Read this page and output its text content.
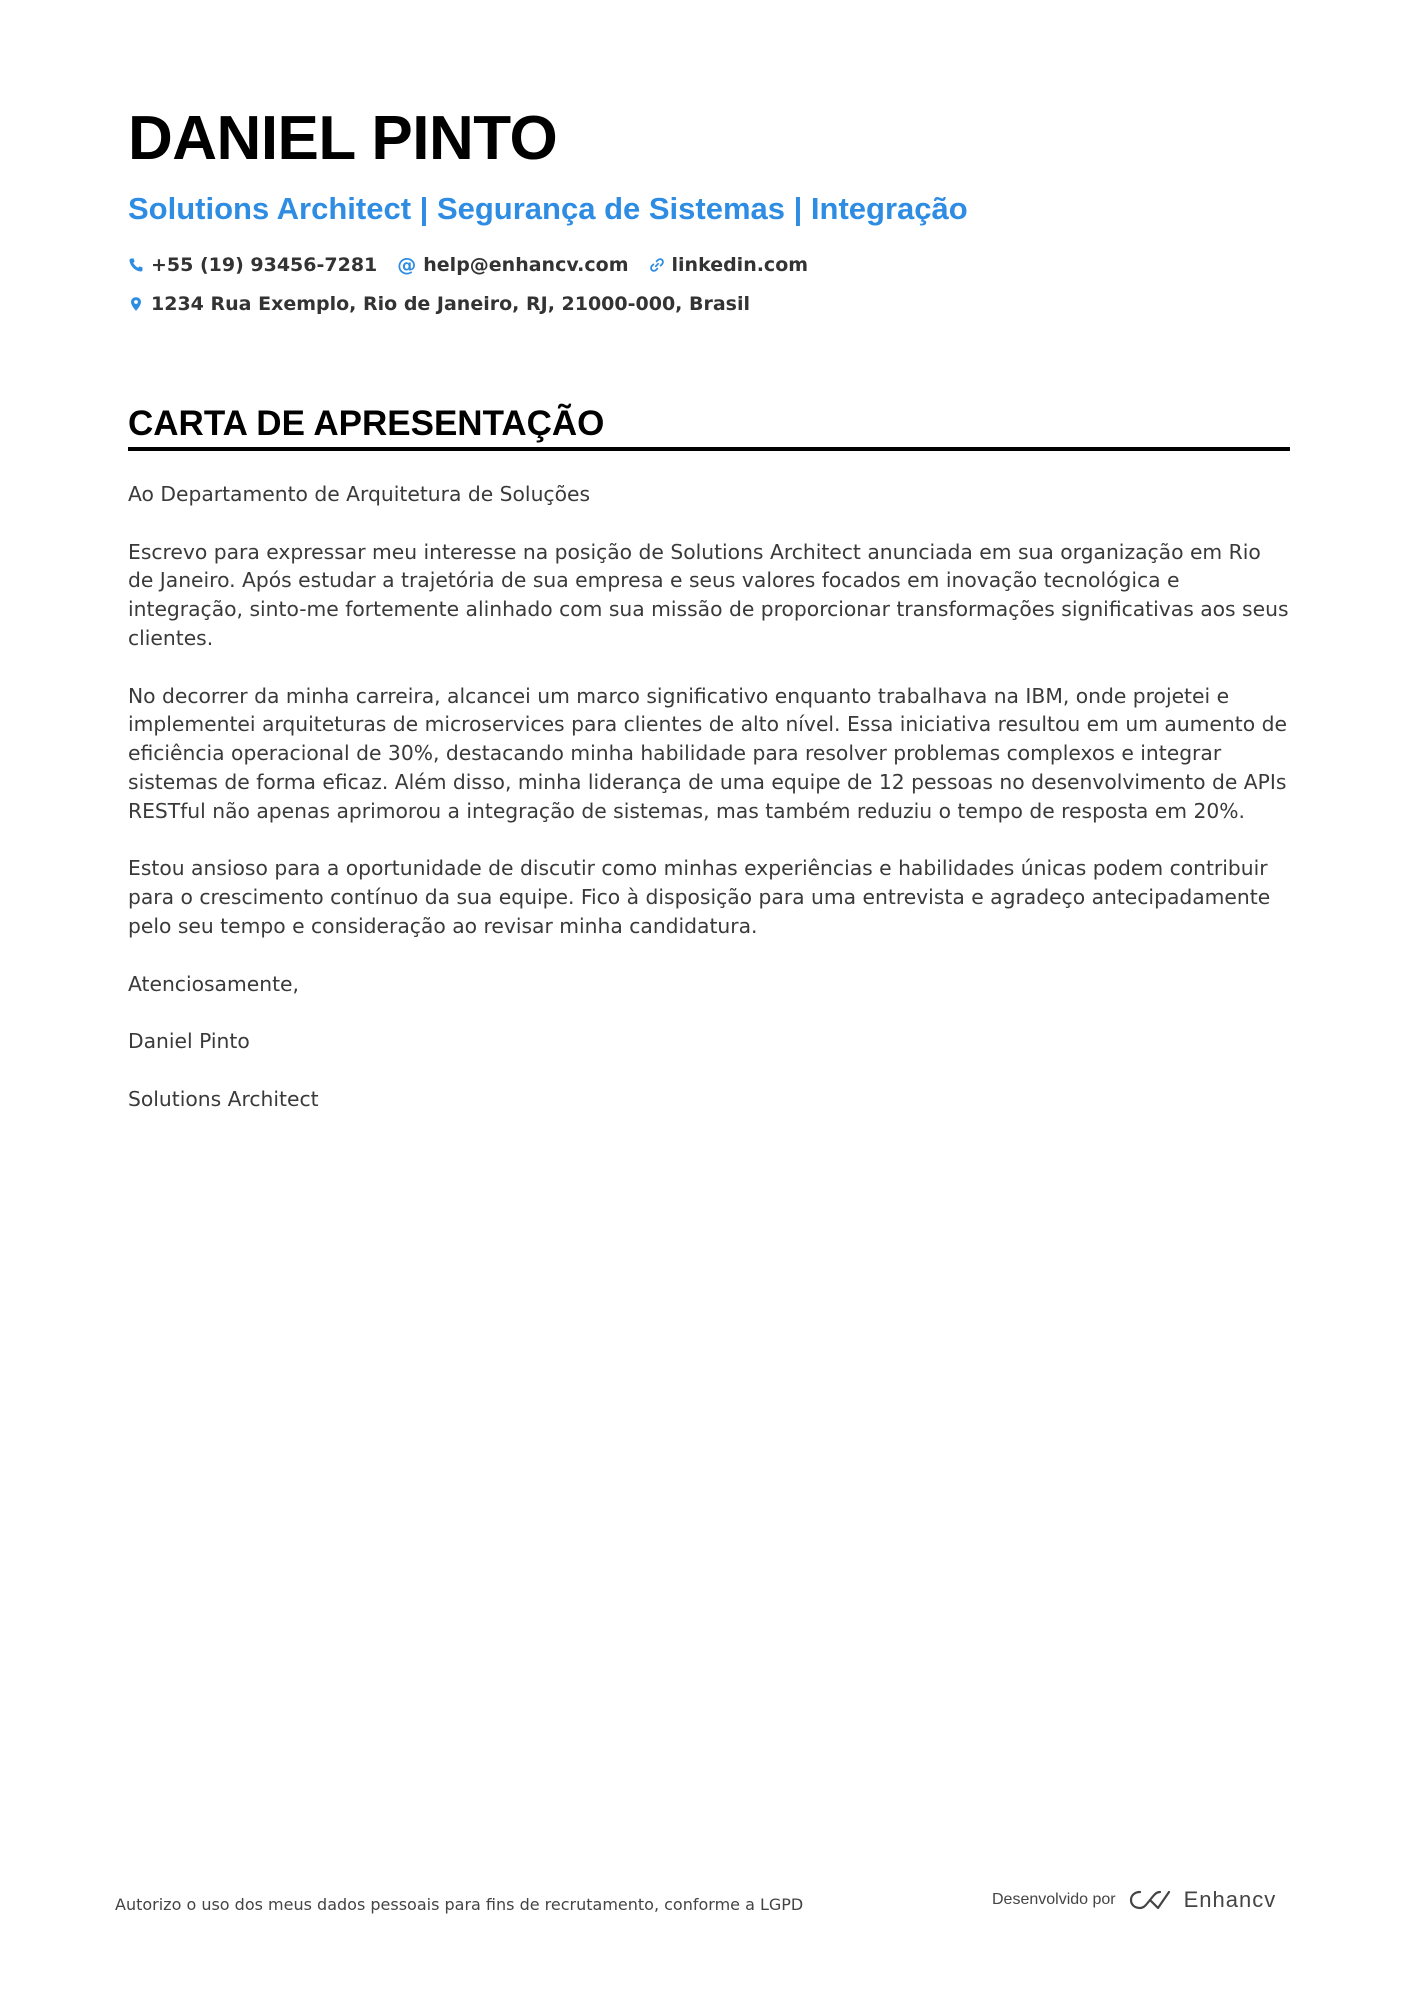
DANIEL PINTO
Solutions Architect | Segurança de Sistemas | Integração
+55 (19) 93456-7281 @ help@enhancv.com linkedin.com
1234 Rua Exemplo, Rio de Janeiro, RJ, 21000-000, Brasil
CARTA DE APRESENTAÇÃO

Ao Departamento de Arquitetura de Soluções

Escrevo para expressar meu interesse na posição de Solutions Architect anunciada em sua organização em Rio de Janeiro. Após estudar a trajetória de sua empresa e seus valores focados em inovação tecnológica e integração, sinto-me fortemente alinhado com sua missão de proporcionar transformações significativas aos seus clientes.

No decorrer da minha carreira, alcancei um marco significativo enquanto trabalhava na IBM, onde projetei e implementei arquiteturas de microservices para clientes de alto nível. Essa iniciativa resultou em um aumento de eficiência operacional de 30%, destacando minha habilidade para resolver problemas complexos e integrar sistemas de forma eficaz. Além disso, minha liderança de uma equipe de 12 pessoas no desenvolvimento de APIs RESTful não apenas aprimorou a integração de sistemas, mas também reduziu o tempo de resposta em 20%.

Estou ansioso para a oportunidade de discutir como minhas experiências e habilidades únicas podem contribuir para o crescimento contínuo da sua equipe. Fico à disposição para uma entrevista e agradeço antecipadamente pelo seu tempo e consideração ao revisar minha candidatura.

Atenciosamente,

Daniel Pinto

Solutions Architect

Autorizo o uso dos meus dados pessoais para fins de recrutamento, conforme a LGPD	Desenvolvido por	Enhancv
